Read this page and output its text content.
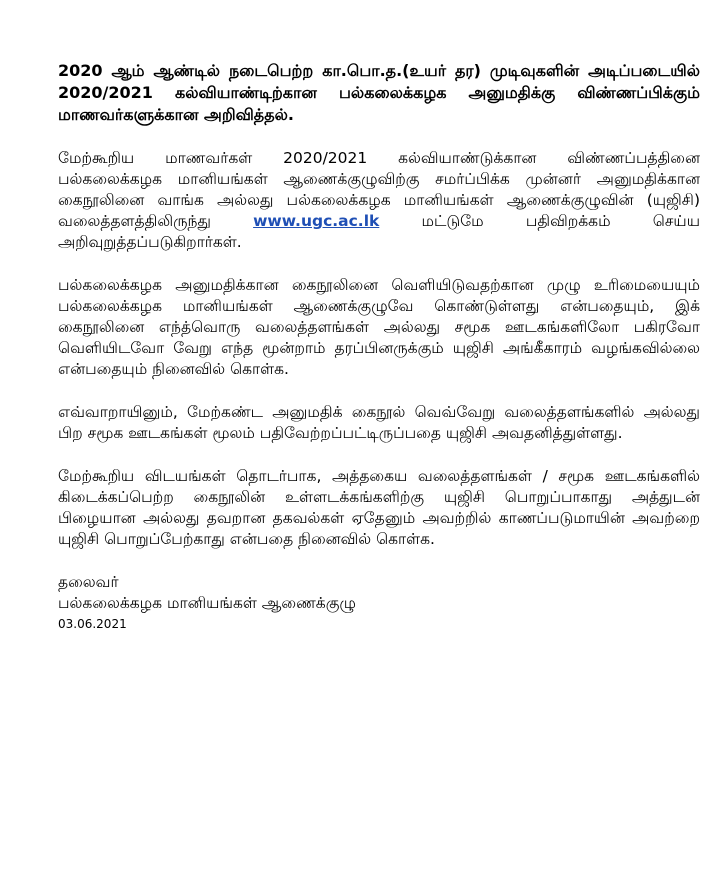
2020 ஆம் ஆண்டில் நடைபெற்ற கா.பொ.த.(உயர் தர) முடிவுகளின் அடிப்படையில் 2020/2021 கல்வியாண்டிற்கான பல்கலைக்கழக அனுமதிக்கு விண்ணப்பிக்கும் மாணவர்களுக்கான அறிவித்தல்.

மேற்கூறிய மாணவர்கள் 2020/2021 கல்வியாண்டுக்கான விண்ணப்பத்தினை பல்கலைக்கழக மானியங்கள் ஆணைக்குழுவிற்கு சமர்ப்பிக்க முன்னர் அனுமதிக்கான கைநூலினை வாங்க அல்லது பல்கலைக்கழக மானியங்கள் ஆணைக்குழுவின் (யுஜிசி) வலைத்தளத்திலிருந்து www.ugc.ac.lk மட்டுமே பதிவிறக்கம் செய்ய அறிவுறுத்தப்படுகிறார்கள்.

பல்கலைக்கழக அனுமதிக்கான கைநூலினை வெளியிடுவதற்கான முழு உரிமையையும் பல்கலைக்கழக மானியங்கள் ஆணைக்குழுவே கொண்டுள்ளது என்பதையும், இக் கைநூலினை எந்த்வொரு வலைத்தளங்கள் அல்லது சமூக ஊடகங்களிலோ பகிரவோ வெளியிடவோ வேறு எந்த மூன்றாம் தரப்பினருக்கும் யுஜிசி அங்கீகாரம் வழங்கவில்லை என்பதையும் நினைவில் கொள்க.

எவ்வாறாயினும், மேற்கண்ட அனுமதிக் கைநூல் வெவ்வேறு வலைத்தளங்களில் அல்லது பிற சமூக ஊடகங்கள் மூலம் பதிவேற்றப்பட்டிருப்பதை யுஜிசி அவதனித்துள்ளது.

மேற்கூறிய விடயங்கள் தொடர்பாக, அத்தகைய வலைத்தளங்கள் / சமூக ஊடகங்களில் கிடைக்கப்பெற்ற கைநூலின் உள்ளடக்கங்களிற்கு யுஜிசி பொறுப்பாகாது அத்துடன் பிழையான அல்லது தவறான தகவல்கள் ஏதேனும் அவற்றில் காணப்படுமாயின் அவற்றை யுஜிசி பொறுப்பேற்காது என்பதை நினைவில் கொள்க.

தலைவர்
பல்கலைக்கழக மானியங்கள் ஆணைக்குழு
03.06.2021
